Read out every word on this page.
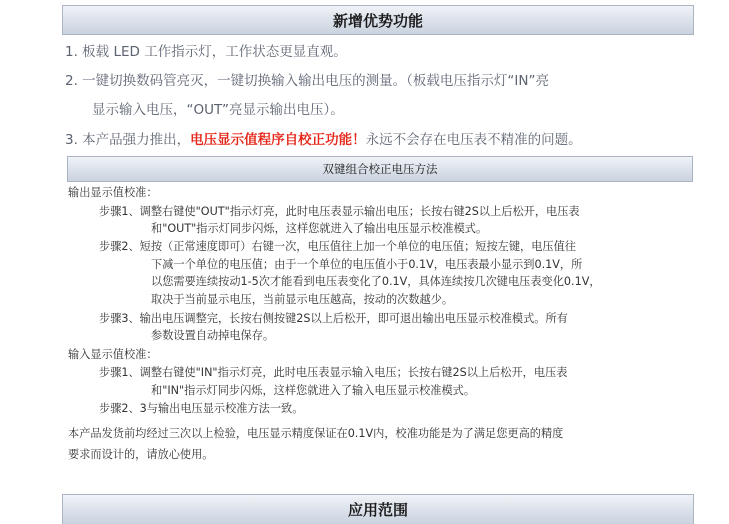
新增优势功能
1. 板载 LED 工作指示灯，工作状态更显直观。
2. 一键切换数码管亮灭，一键切换输入输出电压的测量。（板载电压指示灯“IN”亮
显示输入电压，“OUT”亮显示输出电压）。
3. 本产品强力推出，电压显示值程序自校正功能！永远不会存在电压表不精准的问题。
双键组合校正电压方法
输出显示值校准：
步骤1、调整右键使"OUT"指示灯亮，此时电压表显示输出电压；长按右键2S以上后松开，电压表
和"OUT"指示灯同步闪烁，这样您就进入了输出电压显示校准模式。
步骤2、短按（正常速度即可）右键一次，电压值往上加一个单位的电压值；短按左键，电压值往
下减一个单位的电压值；由于一个单位的电压值小于0.1V，电压表最小显示到0.1V，所
以您需要连续按动1-5次才能看到电压表变化了0.1V，具体连续按几次键电压表变化0.1V，
取决于当前显示电压，当前显示电压越高，按动的次数越少。
步骤3、输出电压调整完，长按右侧按键2S以上后松开，即可退出输出电压显示校准模式。所有
参数设置自动掉电保存。
输入显示值校准：
步骤1、调整右键使"IN"指示灯亮，此时电压表显示输入电压；长按右键2S以上后松开，电压表
和"IN"指示灯同步闪烁，这样您就进入了输入电压显示校准模式。
步骤2、3与输出电压显示校准方法一致。
本产品发货前均经过三次以上检验，电压显示精度保证在0.1V内，校准功能是为了满足您更高的精度
要求而设计的，请放心使用。
应用范围
